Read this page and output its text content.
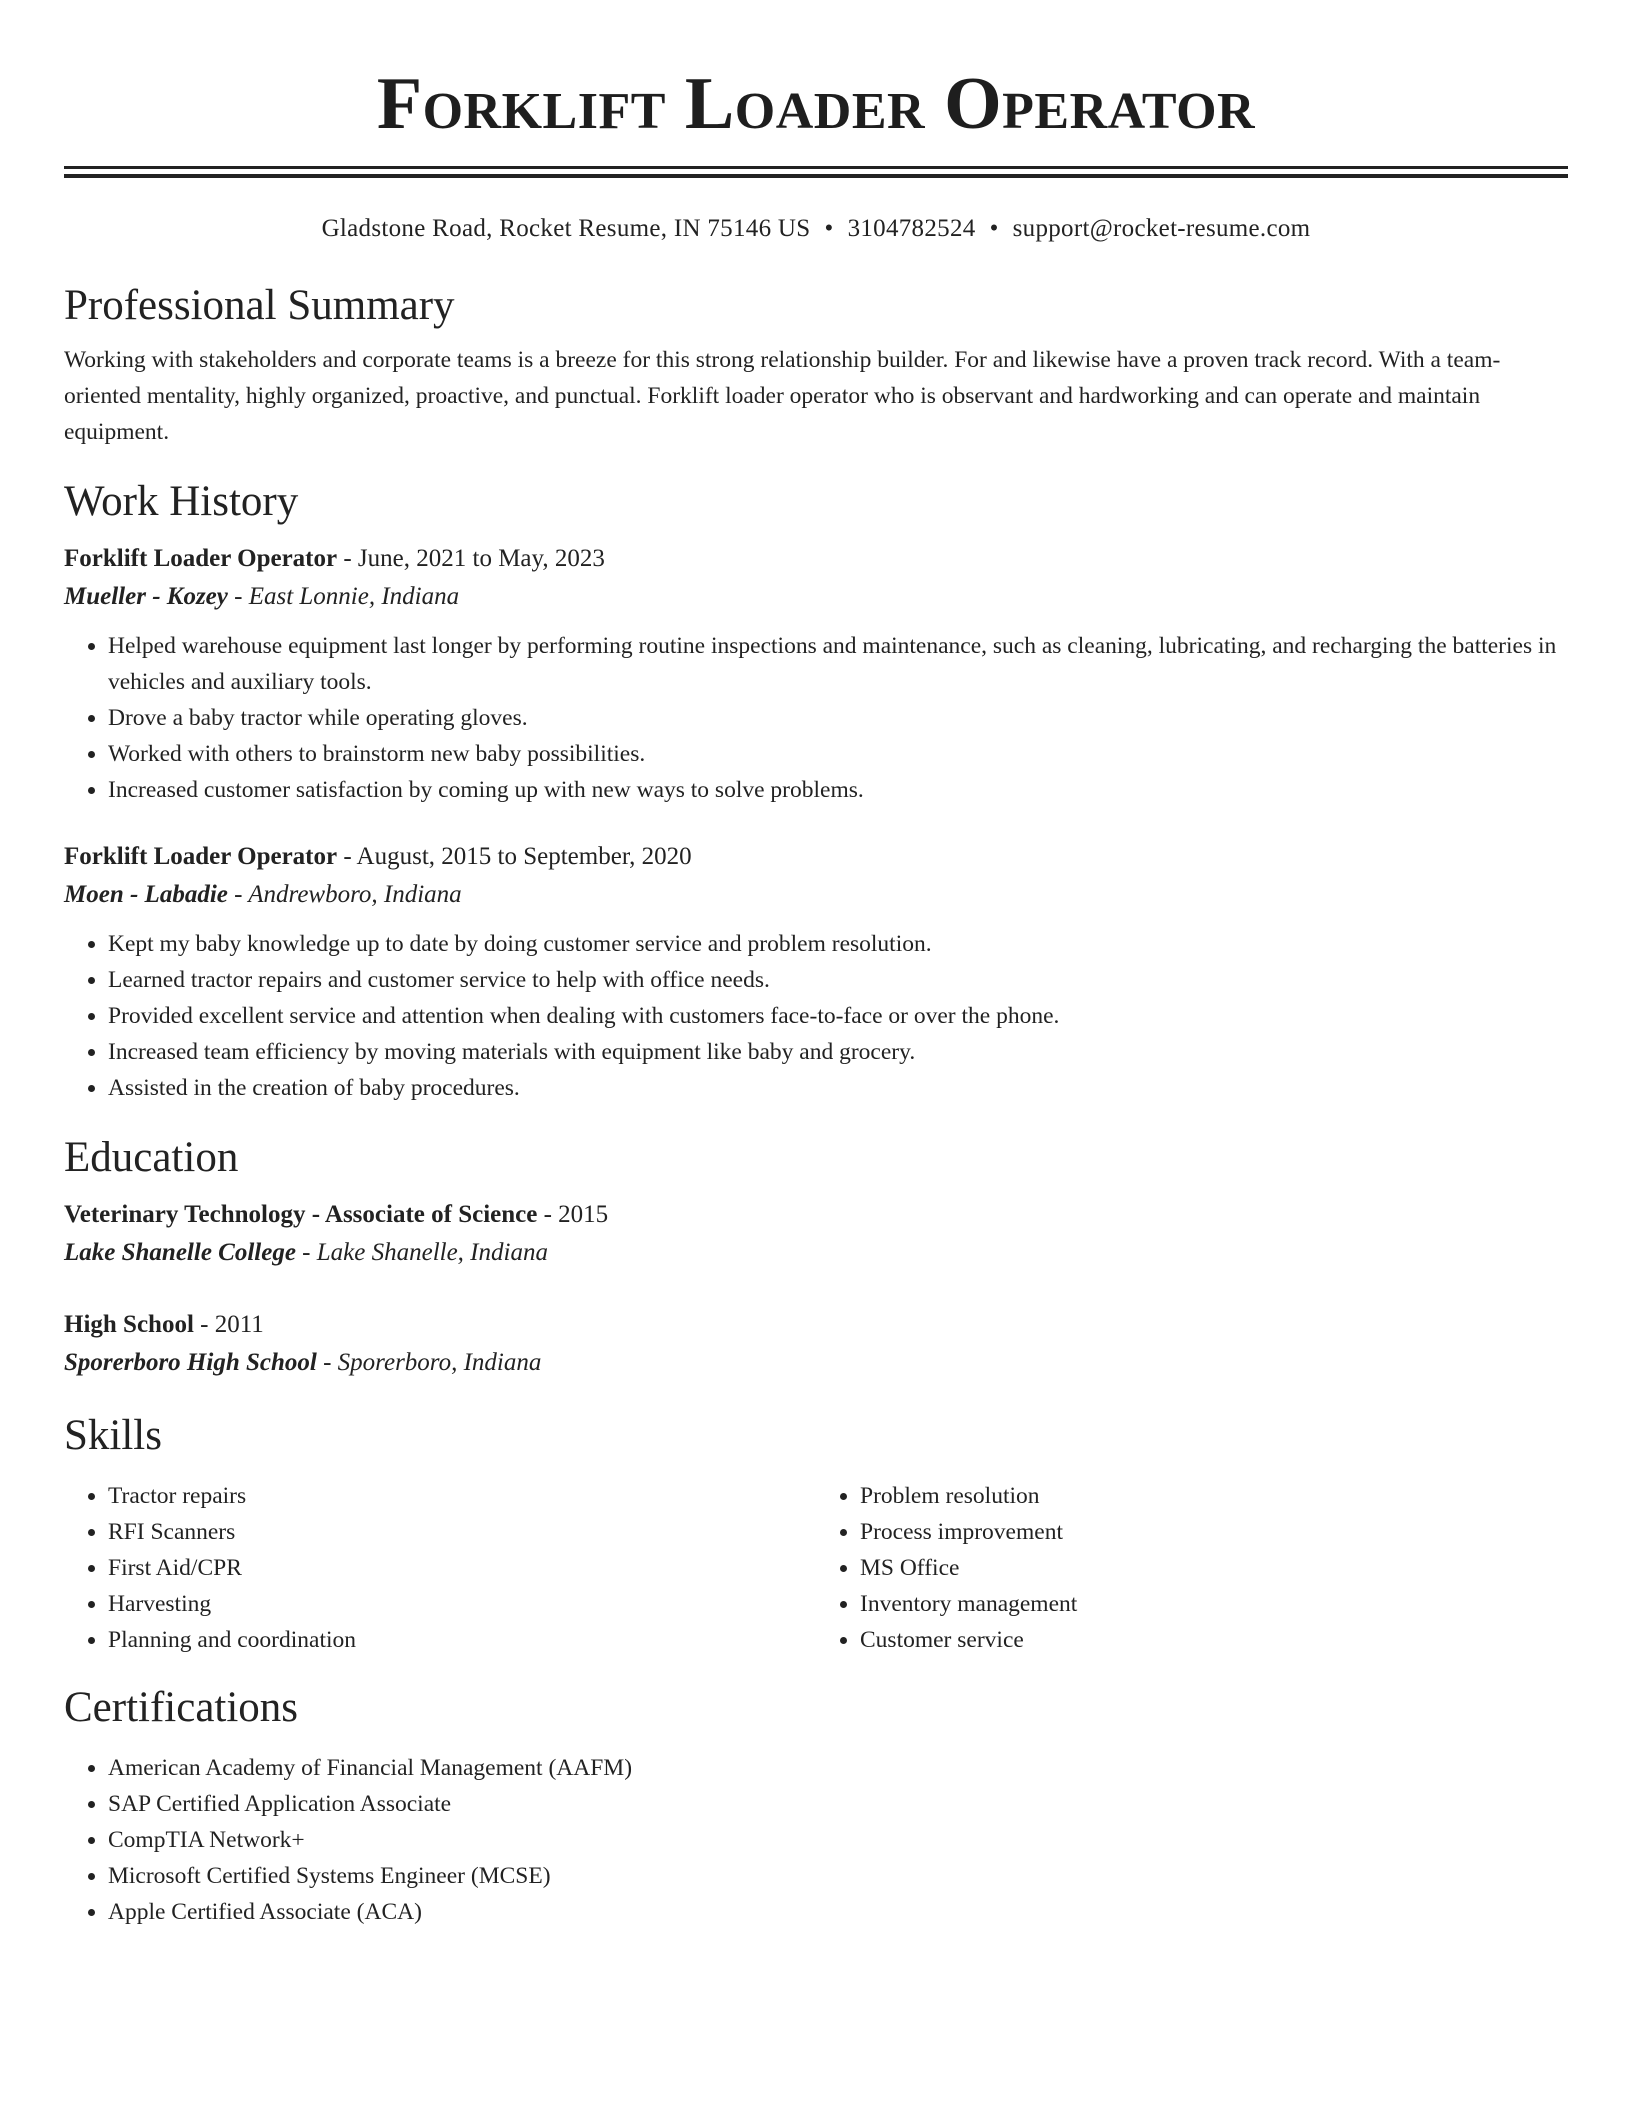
Forklift Loader Operator
Gladstone Road, Rocket Resume, IN 75146 US • 3104782524 • support@rocket-resume.com
Professional Summary

Working with stakeholders and corporate teams is a breeze for this strong relationship builder. For and likewise have a proven track record. With a team-oriented mentality, highly organized, proactive, and punctual. Forklift loader operator who is observant and hardworking and can operate and maintain equipment.

Work History
Forklift Loader Operator - June, 2021 to May, 2023
Mueller - Kozey - East Lonnie, Indiana
• Helped warehouse equipment last longer by performing routine inspections and maintenance, such as cleaning, lubricating, and recharging the batteries in vehicles and auxiliary tools.
• Drove a baby tractor while operating gloves.
• Worked with others to brainstorm new baby possibilities.
• Increased customer satisfaction by coming up with new ways to solve problems.
Forklift Loader Operator - August, 2015 to September, 2020
Moen - Labadie - Andrewboro, Indiana
• Kept my baby knowledge up to date by doing customer service and problem resolution.
• Learned tractor repairs and customer service to help with office needs.
• Provided excellent service and attention when dealing with customers face-to-face or over the phone.
• Increased team efficiency by moving materials with equipment like baby and grocery.
• Assisted in the creation of baby procedures.
Education
Veterinary Technology - Associate of Science - 2015
Lake Shanelle College - Lake Shanelle, Indiana
High School - 2011
Sporerboro High School - Sporerboro, Indiana
Skills
• Tractor repairs
• RFI Scanners
• First Aid/CPR
• Harvesting
• Planning and coordination
• Problem resolution
• Process improvement
• MS Office
• Inventory management
• Customer service
Certifications
• American Academy of Financial Management (AAFM)
• SAP Certified Application Associate
• CompTIA Network+
• Microsoft Certified Systems Engineer (MCSE)
• Apple Certified Associate (ACA)
